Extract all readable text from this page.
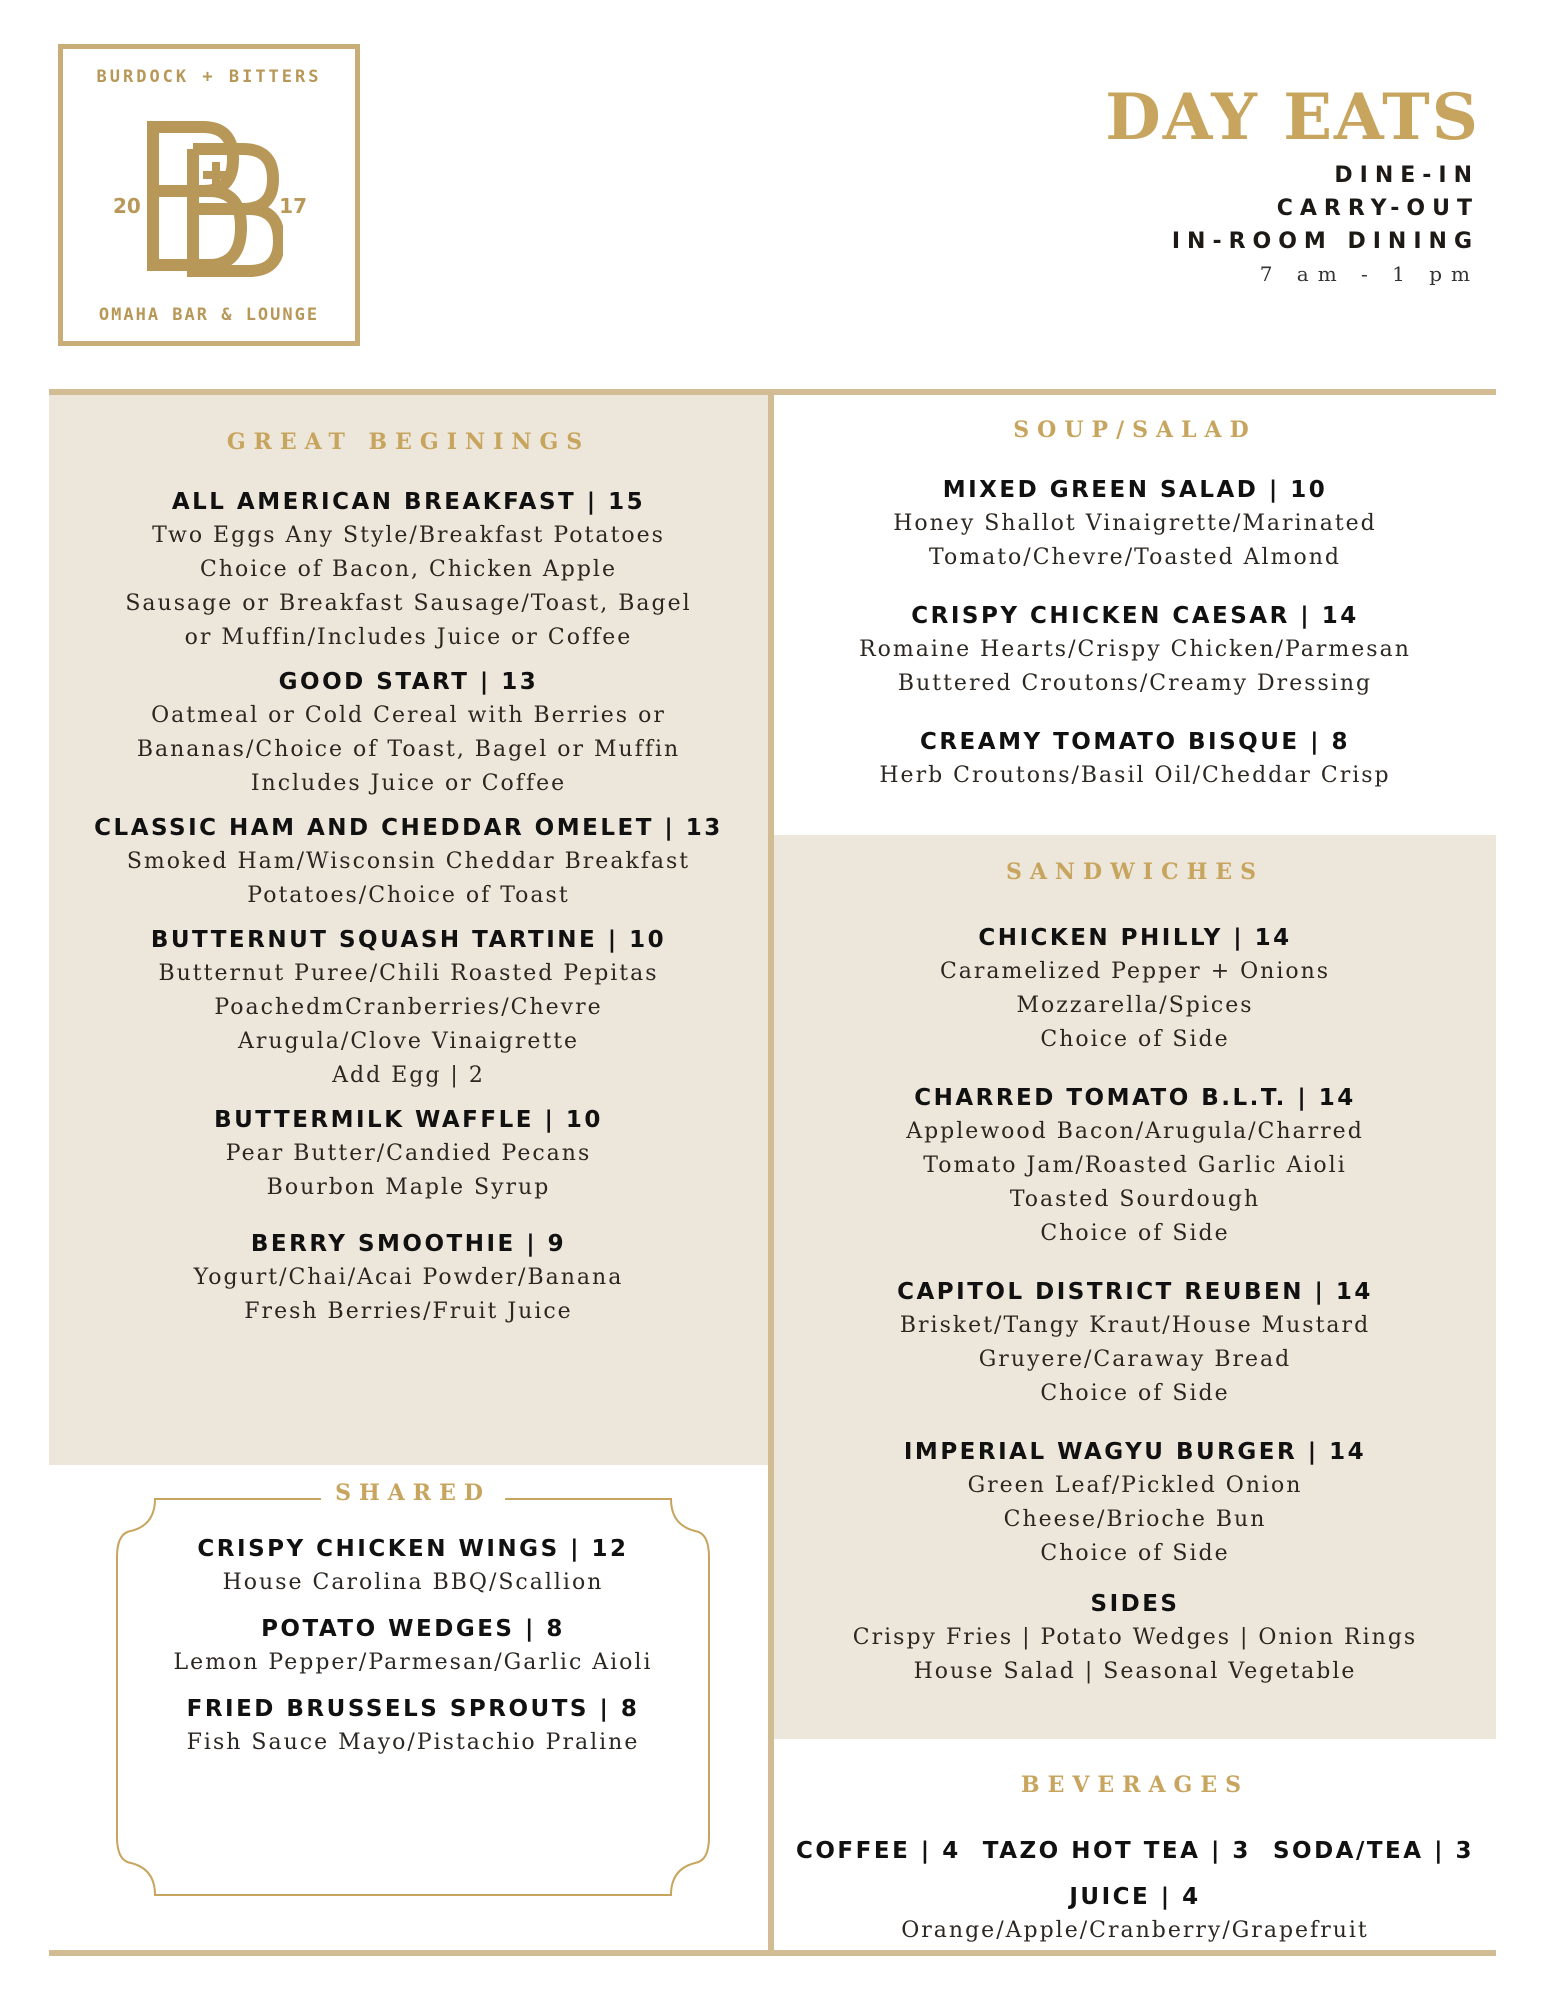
BURDOCK + BITTERS
20	17
OMAHA BAR & LOUNGE
DAY EATS
DINE-IN
CARRY-OUT
IN-ROOM DINING
7 am - 1 pm
GREAT BEGININGS
ALL AMERICAN BREAKFAST | 15
Two Eggs Any Style/Breakfast Potatoes
Choice of Bacon, Chicken Apple
Sausage or Breakfast Sausage/Toast, Bagel
or Muffin/Includes Juice or Coffee
GOOD START | 13
Oatmeal or Cold Cereal with Berries or
Bananas/Choice of Toast, Bagel or Muffin
Includes Juice or Coffee
CLASSIC HAM AND CHEDDAR OMELET | 13
Smoked Ham/Wisconsin Cheddar Breakfast
Potatoes/Choice of Toast
BUTTERNUT SQUASH TARTINE | 10
Butternut Puree/Chili Roasted Pepitas
PoachedmCranberries/Chevre
Arugula/Clove Vinaigrette
Add Egg | 2
BUTTERMILK WAFFLE | 10
Pear Butter/Candied Pecans
Bourbon Maple Syrup
BERRY SMOOTHIE | 9
Yogurt/Chai/Acai Powder/Banana
Fresh Berries/Fruit Juice
SHARED
CRISPY CHICKEN WINGS | 12
House Carolina BBQ/Scallion
POTATO WEDGES | 8
Lemon Pepper/Parmesan/Garlic Aioli
FRIED BRUSSELS SPROUTS | 8
Fish Sauce Mayo/Pistachio Praline
SOUP/SALAD
MIXED GREEN SALAD | 10
Honey Shallot Vinaigrette/Marinated
Tomato/Chevre/Toasted Almond
CRISPY CHICKEN CAESAR | 14
Romaine Hearts/Crispy Chicken/Parmesan
Buttered Croutons/Creamy Dressing
CREAMY TOMATO BISQUE | 8
Herb Croutons/Basil Oil/Cheddar Crisp
SANDWICHES
CHICKEN PHILLY | 14
Caramelized Pepper + Onions
Mozzarella/Spices
Choice of Side
CHARRED TOMATO B.L.T. | 14
Applewood Bacon/Arugula/Charred
Tomato Jam/Roasted Garlic Aioli
Toasted Sourdough
Choice of Side
CAPITOL DISTRICT REUBEN | 14
Brisket/Tangy Kraut/House Mustard
Gruyere/Caraway Bread
Choice of Side
IMPERIAL WAGYU BURGER | 14
Green Leaf/Pickled Onion
Cheese/Brioche Bun
Choice of Side
SIDES
Crispy Fries | Potato Wedges | Onion Rings
House Salad | Seasonal Vegetable
BEVERAGES
COFFEE | 4 TAZO HOT TEA | 3 SODA/TEA | 3
JUICE | 4
Orange/Apple/Cranberry/Grapefruit
